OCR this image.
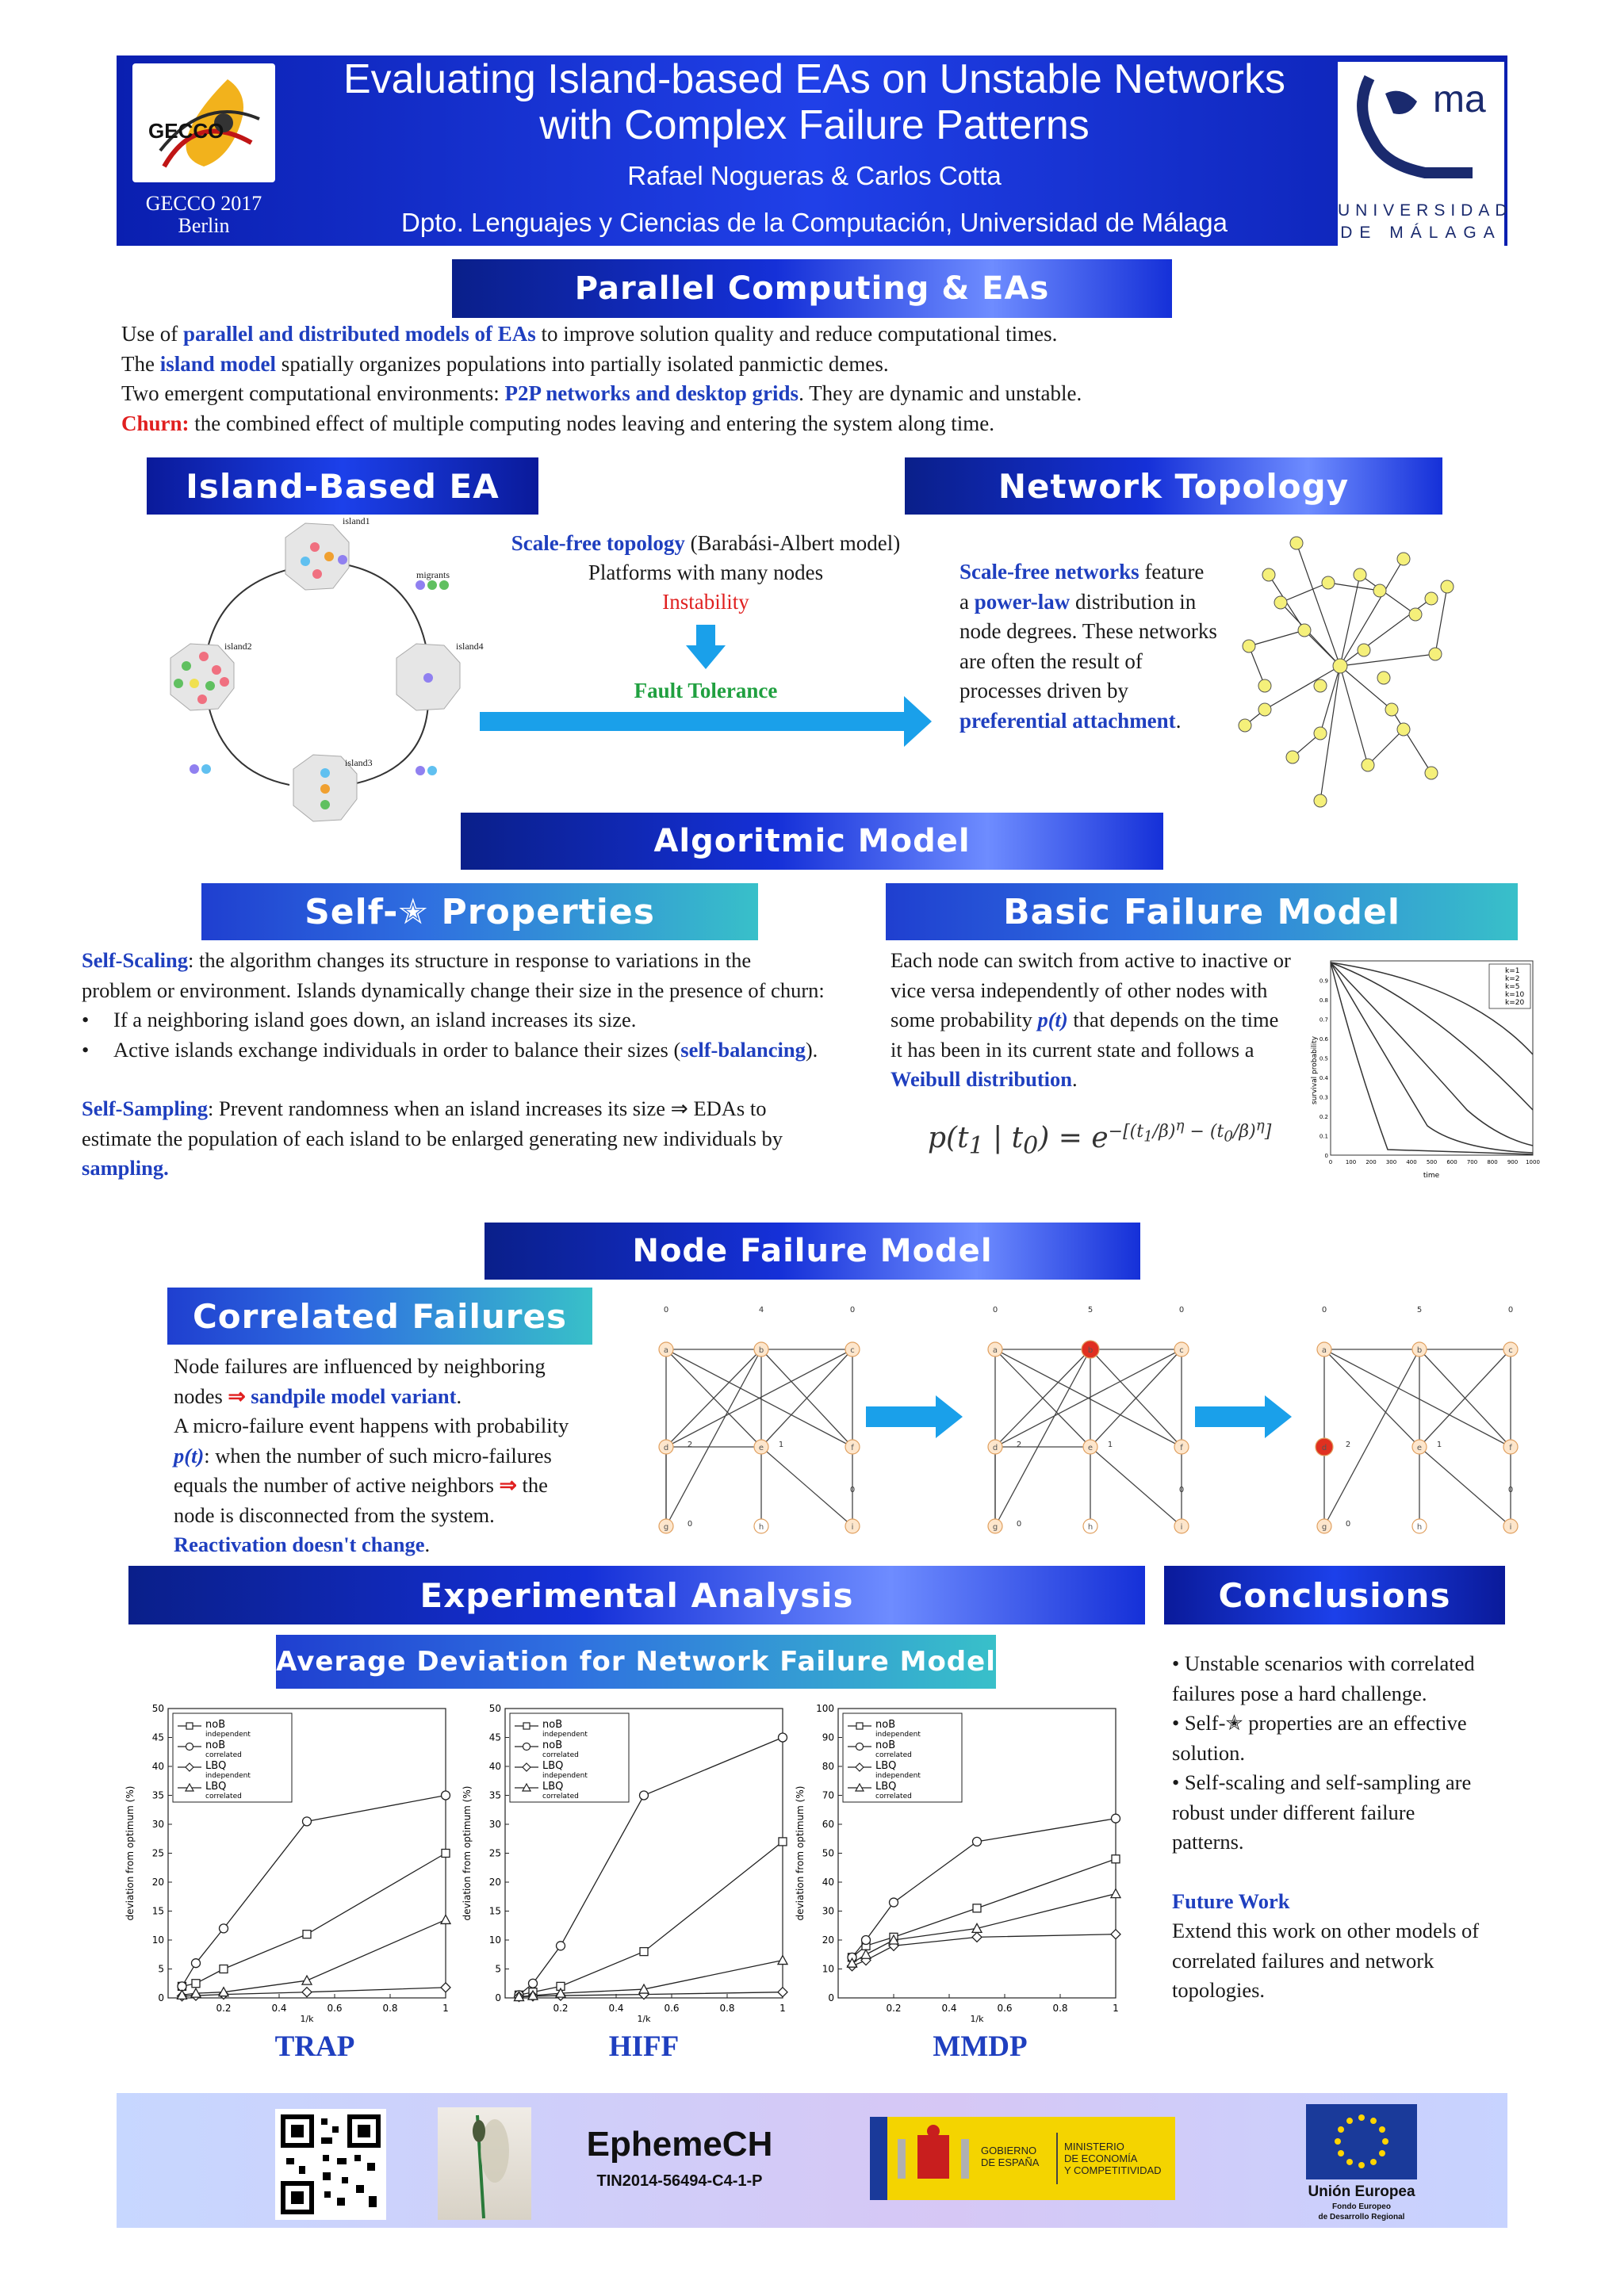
GECCO
GECCO 2017
Berlin
Evaluating Island-based EAs on Unstable Networks
with Complex Failure Patterns
Rafael Nogueras & Carlos Cotta
Dpto. Lenguajes y Ciencias de la Computación, Universidad de Málaga
ma
UNIVERSIDAD
DE MÁLAGA
Parallel Computing & EAs
Use of parallel and distributed models of EAs to improve solution quality and reduce computational times.
The island model spatially organizes populations into partially isolated panmictic demes.
Two emergent computational environments: P2P networks and desktop grids. They are dynamic and unstable.
Churn: the combined effect of multiple computing nodes leaving and entering the system along time.
Island-Based EA
island1
island2
island3
island4
migrants
Scale-free topology (Barabási-Albert model)
Platforms with many nodes
Instability
Fault Tolerance
Network Topology
Scale-free networks feature
a power-law distribution in
node degrees. These networks
are often the result of
processes driven by
preferential attachment.
Algoritmic Model
Self-✭ Properties
Self-Scaling: the algorithm changes its structure in response to variations in the
problem or environment. Islands dynamically change their size in the presence of churn:
• If a neighboring island goes down, an island increases its size.
• Active islands exchange individuals in order to balance their sizes (self-balancing).
Self-Sampling: Prevent randomness when an island increases its size ⇒ EDAs to
estimate the population of each island to be enlarged generating new individuals by
sampling.
Basic Failure Model
Each node can switch from active to inactive or
vice versa independently of other nodes with
some probability p(t) that depends on the time
it has been in its current state and follows a
Weibull distribution.
$p(t_1$ | $t_0) = e^{-[(t_1/\beta)^\eta - (t_0/\beta)^\eta]}$
k=1
k=2
k=5
k=10
k=20
survival probability
time
0 100 200 300 400 500 600 700 800 900 1000
0
0.1
0.2
0.3
0.4
0.5
0.6
0.7
0.8
0.9
Node Failure Model
Correlated Failures
Node failures are influenced by neighboring
nodes ⇒ sandpile model variant.
A micro-failure event happens with probability
p(t): when the number of such micro-failures
equals the number of active neighbors ⇒ the
node is disconnected from the system.
Reactivation doesn't change.
a	b	c
d	e	f
g	h	i
0	4	0
2	1
0
0
a	b	c
d	e	f
g	h	i
0	5	0
2	1
0
0
a	b	c
d	e	f
g	h	i
0	5	0
2	1
0
0
Experimental Analysis
Average Deviation for Network Failure Model
0
5
10
15
20
25
30
35
40
45
50
0.2	0.4	0.6	0.8	1
1/k
deviation from optimum (%)
noB
independent
noB
correlated
LBQ
independent
LBQ
correlated
0
5
10
15
20
25
30
35
40
45
50
0.2	0.4	0.6	0.8	1
1/k
deviation from optimum (%)
noB
independent
noB
correlated
LBQ
independent
LBQ
correlated
0
10
20
30
40
50
60
70
80
90
100
0.2	0.4	0.6	0.8	1
1/k
deviation from optimum (%)
noB
independent
noB
correlated
LBQ
independent
LBQ
correlated
TRAP	HIFF	MMDP
Conclusions
• Unstable scenarios with correlated
failures pose a hard challenge.
• Self-✭ properties are an effective
solution.
• Self-scaling and self-sampling are
robust under different failure
patterns.
Future Work
Extend this work on other models of
correlated failures and network
topologies.
EphemeCH
TIN2014-56494-C4-1-P
GOBIERNO
DE ESPAÑA
MINISTERIO
DE ECONOMÍA
Y COMPETITIVIDAD
Unión Europea
Fondo Europeo
de Desarrollo Regional
